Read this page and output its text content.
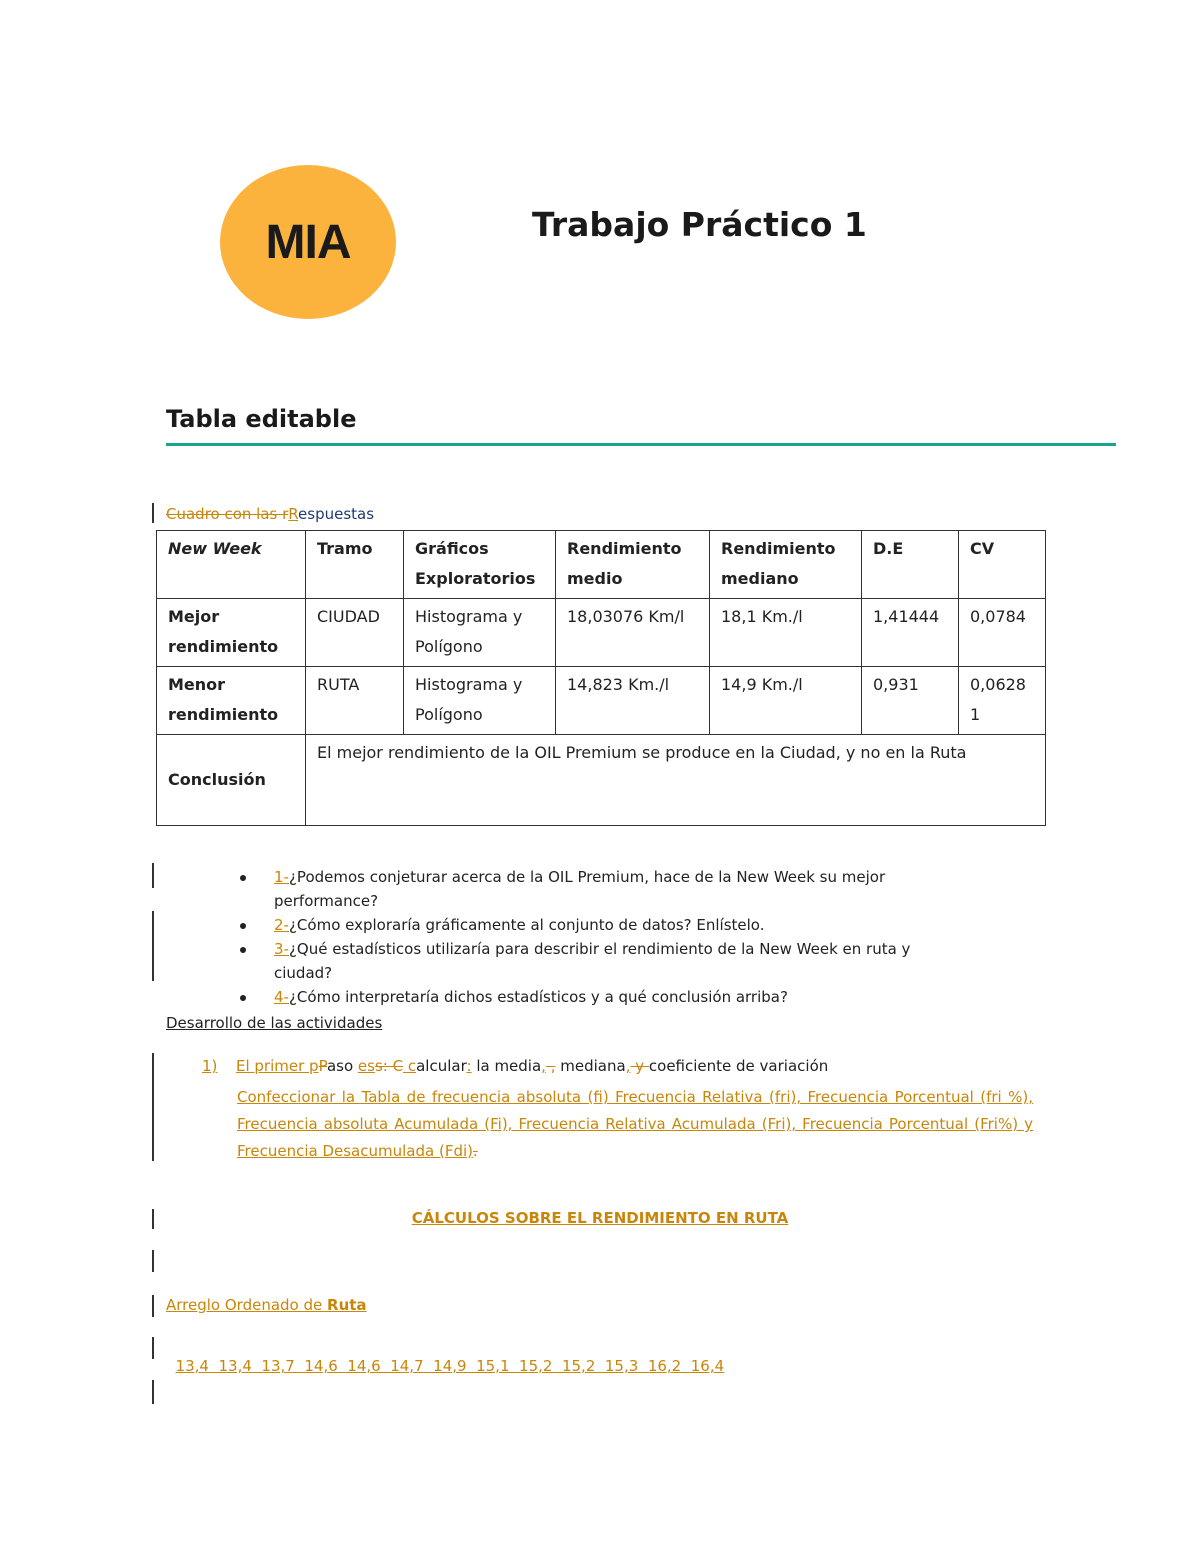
MIA	Trabajo Práctico 1
Tabla editable
Cuadro con las rRespuestas
New Week	Tramo	Gráficos Exploratorios	Rendimiento medio	Rendimiento mediano	D.E	CV
Mejor rendimiento	CIUDAD	Histograma y Polígono	18,03076 Km/l	18,1 Km./l	1,41444	0,0784
Menor rendimiento	RUTA	Histograma y Polígono	14,823 Km./l	14,9 Km./l	0,931	0,0628 1
Conclusión	El mejor rendimiento de la OIL Premium se produce en la Ciudad, y no en la Ruta					
1-¿Podemos conjeturar acerca de la OIL Premium, hace de la New Week su mejor performance?
2-¿Cómo exploraría gráficamente al conjunto de datos? Enlístelo.
3-¿Qué estadísticos utilizaría para describir el rendimiento de la New Week en ruta y ciudad?
4-¿Cómo interpretaría dichos estadísticos y a qué conclusión arriba?
Desarrollo de las actividades
1) El primer pPaso ess: C calcular: la media, , mediana, y coeficiente de variación
Confeccionar la Tabla de frecuencia absoluta (fi) Frecuencia Relativa (fri), Frecuencia Porcentual (fri %), Frecuencia absoluta Acumulada (Fi), Frecuencia Relativa Acumulada (Fri), Frecuencia Porcentual (Fri%) y Frecuencia Desacumulada (Fdi).
CÁLCULOS SOBRE EL RENDIMIENTO EN RUTA
Arreglo Ordenado de Ruta

13,4  13,4  13,7  14,6  14,6  14,7  14,9  15,1  15,2  15,2  15,3  16,2  16,4
